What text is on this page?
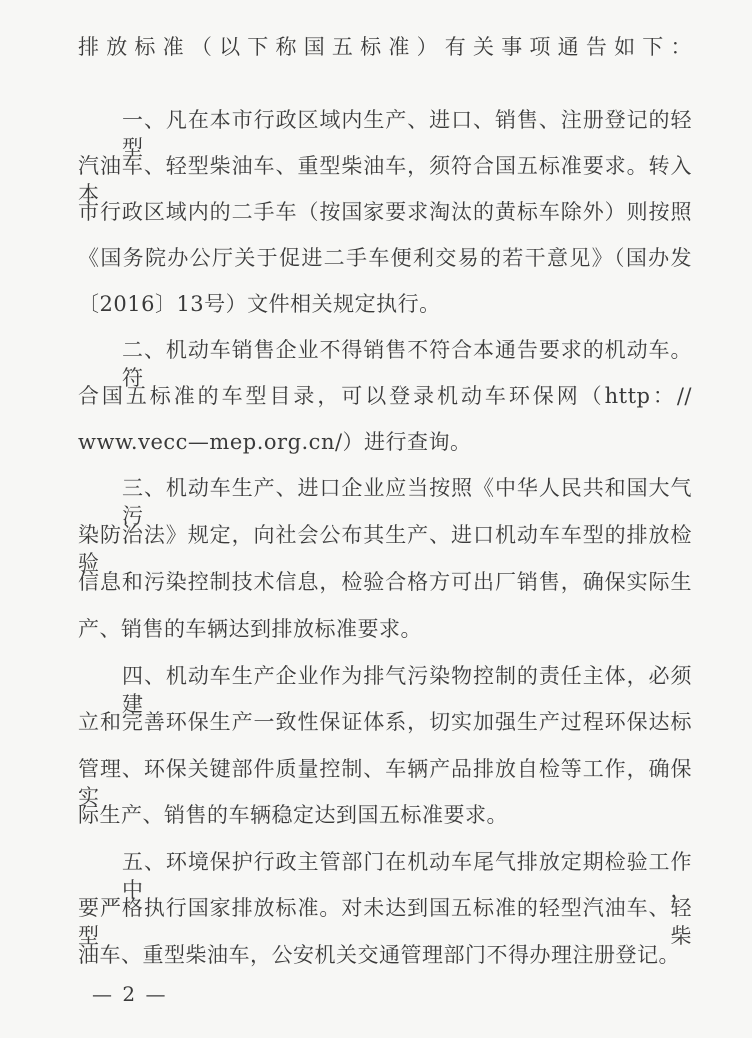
排放标准（以下称国五标准）有关事项通告如下：
一、凡在本市行政区域内生产、进口、销售、注册登记的轻型
汽油车、轻型柴油车、重型柴油车，须符合国五标准要求。转入本
市行政区域内的二手车（按国家要求淘汰的黄标车除外）则按照
《国务院办公厅关于促进二手车便利交易的若干意见》（国办发
〔2016〕13号）文件相关规定执行。
二、机动车销售企业不得销售不符合本通告要求的机动车。符
合国五标准的车型目录，可以登录机动车环保网（http：//
www.vecc—mep.org.cn/）进行查询。
三、机动车生产、进口企业应当按照《中华人民共和国大气污
染防治法》规定，向社会公布其生产、进口机动车车型的排放检验
信息和污染控制技术信息，检验合格方可出厂销售，确保实际生
产、销售的车辆达到排放标准要求。
四、机动车生产企业作为排气污染物控制的责任主体，必须建
立和完善环保生产一致性保证体系，切实加强生产过程环保达标
管理、环保关键部件质量控制、车辆产品排放自检等工作，确保实
际生产、销售的车辆稳定达到国五标准要求。
五、环境保护行政主管部门在机动车尾气排放定期检验工作中，
要严格执行国家排放标准。对未达到国五标准的轻型汽油车、轻型柴
油车、重型柴油车，公安机关交通管理部门不得办理注册登记。
— 2 —
